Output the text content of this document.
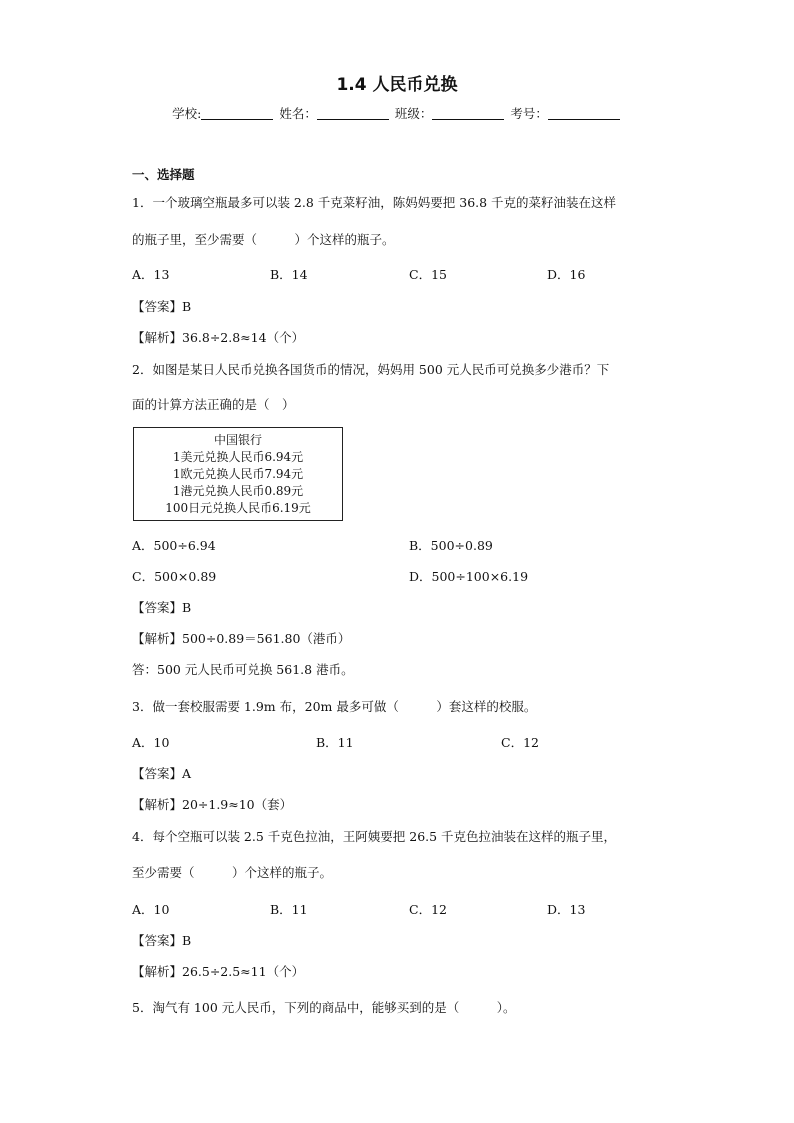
1.4 人民币兑换
学校:	姓名：	班级：	考号：
一、选择题
1．一个玻璃空瓶最多可以装 2.8 千克菜籽油，陈妈妈要把 36.8 千克的菜籽油装在这样
的瓶子里，至少需要（　　　）个这样的瓶子。
A．13	B．14	C．15	D．16
【答案】B
【解析】36.8÷2.8≈14（个）
2．如图是某日人民币兑换各国货币的情况，妈妈用 500 元人民币可兑换多少港币？下
面的计算方法正确的是（　）
中国银行
1美元兑换人民币6.94元
1欧元兑换人民币7.94元
1港元兑换人民币0.89元
100日元兑换人民币6.19元
A．500÷6.94	B．500÷0.89
C．500×0.89	D．500÷100×6.19
【答案】B
【解析】500÷0.89＝561.80（港币）
答：500 元人民币可兑换 561.8 港币。
3．做一套校服需要 1.9m 布，20m 最多可做（　　　）套这样的校服。
A．10	B．11	C．12
【答案】A
【解析】20÷1.9≈10（套）
4．每个空瓶可以装 2.5 千克色拉油，王阿姨要把 26.5 千克色拉油装在这样的瓶子里，
至少需要（　　　）个这样的瓶子。
A．10	B．11	C．12	D．13
【答案】B
【解析】26.5÷2.5≈11（个）
5．淘气有 100 元人民币，下列的商品中，能够买到的是（　　　）。
